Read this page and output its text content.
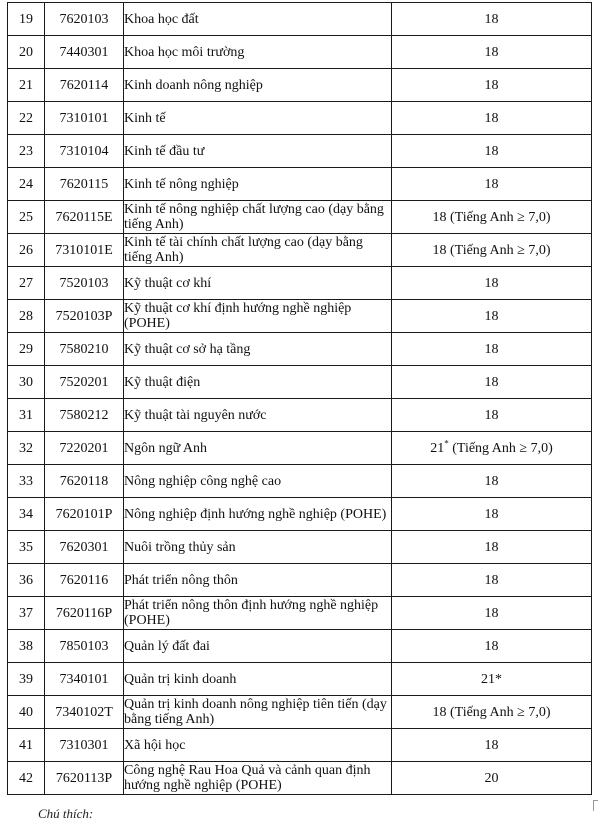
19	7620103	Khoa học đất	18
20	7440301	Khoa học môi trường	18
21	7620114	Kinh doanh nông nghiệp	18
22	7310101	Kinh tế	18
23	7310104	Kinh tế đầu tư	18
24	7620115	Kinh tế nông nghiệp	18
25	7620115E	Kinh tế nông nghiệp chất lượng cao (dạy bằng tiếng Anh)	18 (Tiếng Anh ≥ 7,0)
26	7310101E	Kinh tế tài chính chất lượng cao (dạy bằng tiếng Anh)	18 (Tiếng Anh ≥ 7,0)
27	7520103	Kỹ thuật cơ khí	18
28	7520103P	Kỹ thuật cơ khí định hướng nghề nghiệp (POHE)	18
29	7580210	Kỹ thuật cơ sở hạ tầng	18
30	7520201	Kỹ thuật điện	18
31	7580212	Kỹ thuật tài nguyên nước	18
32	7220201	Ngôn ngữ Anh	21* (Tiếng Anh ≥ 7,0)
33	7620118	Nông nghiệp công nghệ cao	18
34	7620101P	Nông nghiệp định hướng nghề nghiệp (POHE)	18
35	7620301	Nuôi trồng thủy sản	18
36	7620116	Phát triển nông thôn	18
37	7620116P	Phát triển nông thôn định hướng nghề nghiệp (POHE)	18
38	7850103	Quản lý đất đai	18
39	7340101	Quản trị kinh doanh	21*
40	7340102T	Quản trị kinh doanh nông nghiệp tiên tiến (dạy bằng tiếng Anh)	18 (Tiếng Anh ≥ 7,0)
41	7310301	Xã hội học	18
42	7620113P	Công nghệ Rau Hoa Quả và cảnh quan định hướng nghề nghiệp (POHE)	20
Chú thích:
